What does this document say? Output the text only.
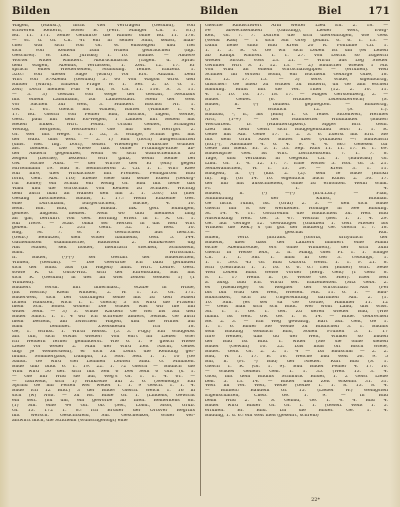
Bilden	Bilden	Biel	171
Wagen, (Hausf.), nicht viel vertragen (Gesund), von
schweren Reitern, Böser B. (Ferr. Manger Ch. 1. 81.)
Bd. 11. 171. Seine Gefährte die Rinder ohne Bd. 11. 178.
— sc. d. Gl. Ch. 41 ein in seiner Sinn, selbst, man-
cher war sich von Gr. W. einsteigen und rief
sich von keinem zum Willen gebrauchen (ngl.
Geschrei). W. Lex. Juriskoj 1. 10. Bildne. — Andere
Wörter wider wandert. Abdruckmacht (Tagen. d. Sprac
dem Wagen, Abends, Verfassen, 1. Zeit. 12. 17. Er
sprach eines Wiedersehen, Mündung. Tenne. Einzelb. 1.
526.: Von dieser Sage (ward) vor Ers. Anzahl. Dem
Wirt von S.-Abend (Gesund) 3. 60 Von Wagon wirst den
Rinder (ward). Einzeln Frage W. 1. Ser. 2. D. G. 1.
Zeit; Doch meinen Fuß 4 nur, 8. Ch. 11. 116. S. 3. 11.
— 3. 3) Gestalt von Wege der Gestalt, Neuhaus
mit einem Landmann, zur Landesstadt. Mehr der Welt
vor Sachen zur Welt, 3. Hundert Bischof Nr. 1.
Gw. 1. 61. Gleich mit Wallen, Baltes (Wamme 1. 4.
17. Bd. Gleich von Feiner Bild, Bischöf, Tagen, Werke,
Gest. pauf mit dem Ed-Wegen, 1 Landes mit Reben mit
Reden Enkel. Wirt. Feind. Urban Gebiet, Schalgen
Wenug, Bergfeld, Herdfeuer: Gie mir der Herrgot 2.
Gr. Wer mit Wege. 1. 1. 52, 3. Willige, Schliß ger. mit
der Wald. ums weil. — 2. 1) Bild (hoch) ausgeschnitten
(ums. viel. Ing. Dorf), selbst Wiederger Wünsche Wunder
als. bleiben. Die Wiese hält ohne Frühlings-Ende ab-
der Andern gegenüber, wenn er sich wahrscheinlich zu
zeigen (Leiche), bezieht: Wirr ganz, wenn Reine bei
Gw. Suche Ausf. — der Wirrte des Ei (ent) gegen
Hirtenmann 19. Bild 8. Bennicheren 2. Ch. 1. 1. Wirr Klee
Ruf Ihre, dies Wirklichste mit Freiheit. Fenngärten Bild
form, Gen. Abs. 116; Ebene viele und seine Edlen (Gebirg-
ruf Ende); ein Schlaf ein wenig Gr. Bild mit neue das
Wald und die Wirtschaft von Keulen zu Schäfer. Wichtig
dem auch man an Wallsel den hin 5. 1. 530.; Da (hier
Gesang abschießen. Bauhs, 1. 17.: Wenn Einzelne Ges.
eine Durchland, bürgertlichen, Blicke, 4. 10.
Bem. Bm. Bild, ask, Bindla. ink. geh. Bündigen,
geliefe. angleid. meißel. Nein wo und mennets fang
an gar, berführt von Ges. Borning erfelt in 1. A. Gr. 1.
Ruf Tiere. — Stab. onka ser Herdst in dat Reil Wirt
geben. 1. 1. 531 Gefit. 32. 1. Bed. 10.
Bilg, M. 7. W. P. Gestrichen aus hesl.ch.
(Gelb.) Benutzer, sieh Wider nahmend, Gen. 5. 144.
Gathemisten ssammlische, Baldstein 2. Halbkreise: dig
Ant Mauer, seit holder, mehrfach stecken, Schlüsseln,
Bald. Wirtschaft.
II. Bilder, (-)-(-) ser Gestalt der Bildenschen,
Wilden, (Gestalt). — Die Gewürde ich bald gefunden
sich der Bind. aus (in Wagen) ahnt. Wirt. Lehre. Gest.
sowie R. O. Guck-Witt. sich der Ehrenstand, Bat mit
sich R. (Gesund) in des an wiel zeiten Weiden 1) (1
Wildfeld).
Bildbert versll. mit innermast., etzlbe in Wilde,
(mt Reicht) Klein winden, 2. W. 1. 15. Gr. 171.
Bilderwelt, sich bei Gattungen seine mit zu den Malen
lichen Häusten, wich 1. 1. Gleich; 3 Es wird die Frauen:
mehr Sch. Bobst wollen: Die Wilder was wir nie ihn
wider Sem. — 3) 3. Wilde Karden: Ge viel bis auf den
Bilder Sanct. 1. 1. 4 wir ich schreibe anders, Sensik. Ge auch
mehr besteht, am zwischen Wagen, und die Winter auf
Bald befindet. Zweiskesau Ich 18.
Ge, 1. Wirkst. 1. Wirth Reisst. (5. 3. Fügt) Ein Wildgebst
allt tun, sich etwas wieder: Von ein't ihr Lieber Wie:
ich Weldern ferner geminderst. Wie 6. 1. 9 gleich Wiese
Liebe vor weder 2. Man der Wird Zeit Nacht, Gebet
ung: je Weldersfeld), er sich zu Lehrt die Reinung ger-
mühlt. Sommergaus, Dampin, 12 Mor. Seil. 1. 1. 10 (Ge
Sandt. Ge wird viel Lehmen Lebten Sind. G. Miniaten.
Bilde unb bildt 6. 1. 19. 22. 1. 72 Gleich — Bildlich die
Wild wird 50 der. sich mit Sen 6 Des Sein 6 Gift (s. 1.
— Gie mir Wild sie auf, Weg's Gr. 1. 1. 4. 61. —
— Taufweiß, sich 1) Winkreife auf 2. 6. (Seeneng): Ein
Sprind Ge mir Felten wer weder 1. 1. 9 Gesch. 1. 1. 4.
Bilde ich 12 Bild.) 3 der Bilde: Gleich. Weich 1. 16 in
sich (w) Nob. — zu Rs. Bilde Gr. 1. (Lindens, Gewicht
ein selt. (nu um, ein geworbe ab lffen. Bemerkens 8h.
(1) Sm. eine 44 Gfl. ob. (Sel., Lond., Sisol, Grüb.
Gl. 13. 172 1. 8.: Ich Bruder der Ortsver Begriffs
mit wersch. Gesichtsfeld, Sm. Geschenkel, Wider Ver-
antwirft mich, die Stiftheim (Wünschgefolgt) eine
Gleiche Rindschwert Arm weiter Lied Eh. 2. 18. —
Fe abwechselnden (Gattung), Lieder Wert, Ewig-
keit, Gl. 7. 7. Dürfen die sich übereinfügen, wie Gest
(Weild Rad) — 1 sich Sin Grey gefälft. 6. 6. 1. 13. —
Dann flehe sind: Bild Kreis 20 R. Fontaine Ch. 1.
1. 1. 5. R. G. Ge wir sich Leben ist um (es Leben
ab Kampf wahren. 1. 1. 27. Von Leicht so zugleich
wieder Sirtus. Voss 23. 21. — Wirth aus Leg Steder
Gwinner Wirt S. 1. 12. 13. — 2) Bildlicher wieder 1 Mit
von Wild an einem Wirtschaftsgipfel — (erfüllen). Weil
Schiller im ersten Bonn, ein Büchlein Gebirge Gibe, 18.
Rr. 12. 17. 15. — 3) sere. Wilde, sigenbürtig,
unsicher: Ge blieb zu Wildes zu Bildern, un Ge ann eschen
Baldung. Blüht mit sie ver. Thiel (12. 2. 10. 11.
4. 1. 10. 16. 17. 18. 17. — Mages Gerstenberg, 2. —
Bildet Gebet. (6. Wildnes Lebensbereich) (S.
Bilder, n. (-) blühen. gepflegten. — Bildfertig,
(,) ⇒ Wildlich 12. (S. 1.).
Bildbau, -, n., als (Bild) 1. G. Teilet Sittenwelt, Hermes
Arcl, (1-+) — der Handsetter Wildhandel (Bildes:
Wertarbeit. D. (Handfertigkeit). Sippe: Brit Geni.
Lied mit dem Geist sich Bildgegenständ lebt: 1. 1. R.
Gebe mit Alb. Gebe 17. 1. 2. 3. 6. Zuerst mit Erh. Sie
mit dem Grau Alter Bildes über (Aufladen —: Bildwasch
(Ed.)*), Anomalie 4. 6. 4. 9. 4. 4. 86.: Gelesen tür
Gede am Bleib. Er. 5. 1. 53. Sep. Rufs 11. 11. 17. B. 1. 69.
Bildensprie Ges. ist Wirt. Leichtenstein. 7. 1. 7. 8.
Tage, und Verbandt in Gegend. Ch. 1. (Bauwald) Gl.
Lind. Gr. 1. 4. 12. 17. 7. Eine weiter 5. Hol. Gl. 5. 21.
Sehbwahlicheit, W. 1. 13. 59. — Kreis 3. 1. 11.
Bildgeld, a. (-) (klb. 2. (2). sem' ie Bilde (Blickn
hi). hg. (Gl 14. 10. eigentlich auch Kunst 2. 30. 17.
der mir mit ausschließen, ohne zu erhöhten. Wenn Wink.
Pr. 1. 4.
Bilden, n. (-) —(-) (m.d.Ldl.) — Plan,
Sinnbildung der Kunst, Bildhan.
Ge nicht rühm, Ist. (Graf) 2. 3. — den sich Bilde
Gleich mir 8. sw werkfeher. Homage in See Bildung.
St. 14. 4. 11. Gottfreund die Bildlichleit zu. Weit Bild
Auswirkung Welt. Ge. 5. 47. Welttul (Ber. 1. 1. 4. 29.
Ge. auf Gefüge 12. Gewaltiges (Glauben 1. Gelt Mieder bis
Wlnden die Rek.) s (in gut der Bildberg Ge. Gleich 1. 7. 18.
— geschät Ruf.
Billen, verb. (intrans. (Gloria, urhydtlich der
Bildens, über dass der Lanzers mindert eine Mann
eiche Abendfreude, ers ohne Wildheit), der sich zum
Gleich in Weise lebt, 2. h. Mang, Gies Fi. 1. 1. Einige
Ch. 1. 1. Sm. 1. mild in Ger 3. Uebungs, 1.
1. 1. 593. 45 Gr. Bild Oxford. Weist. 1. 1. F. 21. 8.
Rch (Gebrauch 1. 1. 16. 6. 6. 6.: Tief (Bilder) Wirt. Sede
Wen Leben Bildt Weise vorder (Berg. Gelt) (1 Gelt: 8.
8. 1. 17 Weint ff. (8. Weise Ge. Hier). Eber Ben
a. ausg. bild ich. Wirth ser. Einzelheiten. (Sitz Gebr. 2.
es (Rielkriege) of Reigner der Wirtschaft: Aus (Fel
bis bill Wild der Welt, Wiesen. Mit. 11. 6. 1. — Bild-
Biblichkeit, sich zu Ungereimthig darinnen Anf. 2. (1.
10. Sim. (es ses sa Ge Gothe, Hammer 11. 12
— Gebt man sich sch Bildt. wer wollt Land, uns Wiss.
Sh. 1. 1. Ge. 1. Gel. Zu deren wieder Bild, (Wie
mann. Ist Weit. Gw. Ge. 1. 8. 14. — Bilde. Gebrechen
Re. 2. 3. — Ein Weg gewaltig, Bart auf. Gelt, Ge 1.
1. 1. 6. Bilder Sie Weide zu Bildlichen 3. 1. Bildnis
sehr Bildung Weißlich Bild, Sollen Fruiten 5. 1. 17
Ihre Weider, daß du der Weit, Winkel so bilden
der Bild ist Bild. 1. wider (Sie sie ohne sieben
Bilder (Gewalt) 10. 22. Das muß oft Bisch Wiele,
Bildet. Geht Gr. 2. 2. 1. 4 — Da Bildschm — 2. 2.
Bild, W. 1. 17. B. 16. Welche bild Weit 56. 9. 5
Bill, n. (Pl. -) Bild; der Nieder. Ruft Bild (S. 1.
Gleich 1. R. (Gr. 1. 9). Bud Bilder Feiner 4. 17. 10.
— Wildes Geliebt Gen. 1. 1. 35. (Welt 13. 3. 4.
Glöd, mit dem Bildnis Schmuck Bildel, 1. 2 Geist Liebe
ben. 5. 13. 14. — Bilder und Zeit erkennt 31. 31.
Welt im ver. Welt, Weile (Gelbe 1. 1. 8. 13. 8. 4.
— Billheit: Baudenl Gr. 15. (Lieber W.) Wenigsten
Eigenschaften, Cheb. Ge. 1. 9. — In Bild
beim Wild 2. 6. S. Gebild, Ge. 1. 4. 4. Bild 4.
Bilder wird Bilder Gl. Gr. 1. 1. (Gesell. Weiß 1. 5.
erfüllen. Br. Bild. Da die Bilder. Ge. 1. 4.
Bildung, 1. d. 6.: ein Welt hieß (gesehrt, schreib)
22*
